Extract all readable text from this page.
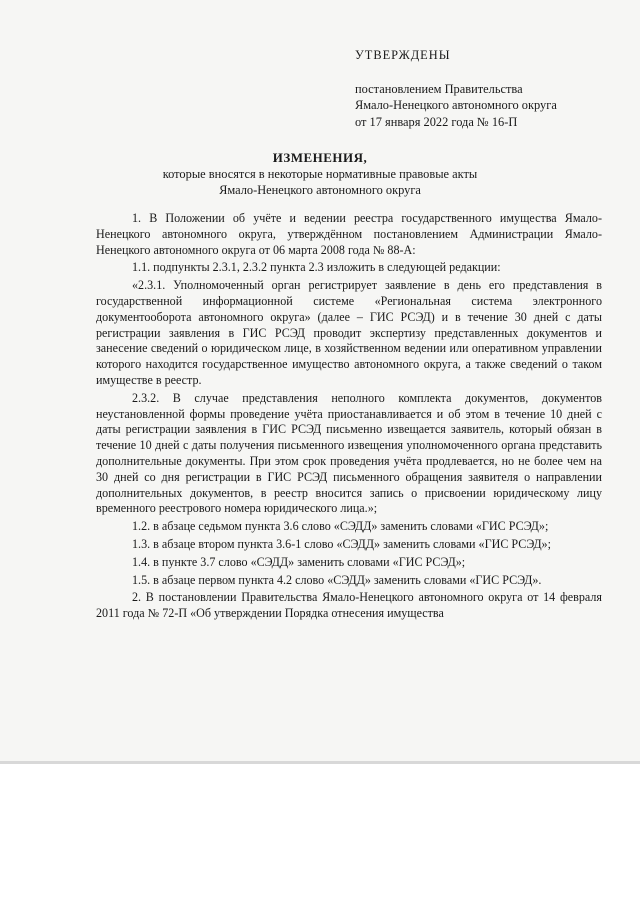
УТВЕРЖДЕНЫ
постановлением Правительства
Ямало-Ненецкого автономного округа
от 17 января 2022 года № 16-П
ИЗМЕНЕНИЯ,
которые вносятся в некоторые нормативные правовые акты
Ямало-Ненецкого автономного округа

1. В Положении об учёте и ведении реестра государственного имущества Ямало-Ненецкого автономного округа, утверждённом постановлением Администрации Ямало-Ненецкого автономного округа от 06 марта 2008 года № 88-А:

1.1. подпункты 2.3.1, 2.3.2 пункта 2.3 изложить в следующей редакции:

«2.3.1. Уполномоченный орган регистрирует заявление в день его представления в государственной информационной системе «Региональная система электронного документооборота автономного округа» (далее – ГИС РСЭД) и в течение 30 дней с даты регистрации заявления в ГИС РСЭД проводит экспертизу представленных документов и занесение сведений о юридическом лице, в хозяйственном ведении или оперативном управлении которого находится государственное имущество автономного округа, а также сведений о таком имуществе в реестр.

2.3.2. В случае представления неполного комплекта документов, документов неустановленной формы проведение учёта приостанавливается и об этом в течение 10 дней с даты регистрации заявления в ГИС РСЭД письменно извещается заявитель, который обязан в течение 10 дней с даты получения письменного извещения уполномоченного органа представить дополнительные документы. При этом срок проведения учёта продлевается, но не более чем на 30 дней со дня регистрации в ГИС РСЭД письменного обращения заявителя о направлении дополнительных документов, в реестр вносится запись о присвоении юридическому лицу временного реестрового номера юридического лица.»;

1.2. в абзаце седьмом пункта 3.6 слово «СЭДД» заменить словами «ГИС РСЭД»;

1.3. в абзаце втором пункта 3.6-1 слово «СЭДД» заменить словами «ГИС РСЭД»;

1.4. в пункте 3.7 слово «СЭДД» заменить словами «ГИС РСЭД»;

1.5. в абзаце первом пункта 4.2 слово «СЭДД» заменить словами «ГИС РСЭД».

2. В постановлении Правительства Ямало-Ненецкого автономного округа от 14 февраля 2011 года № 72-П «Об утверждении Порядка отнесения имущества
